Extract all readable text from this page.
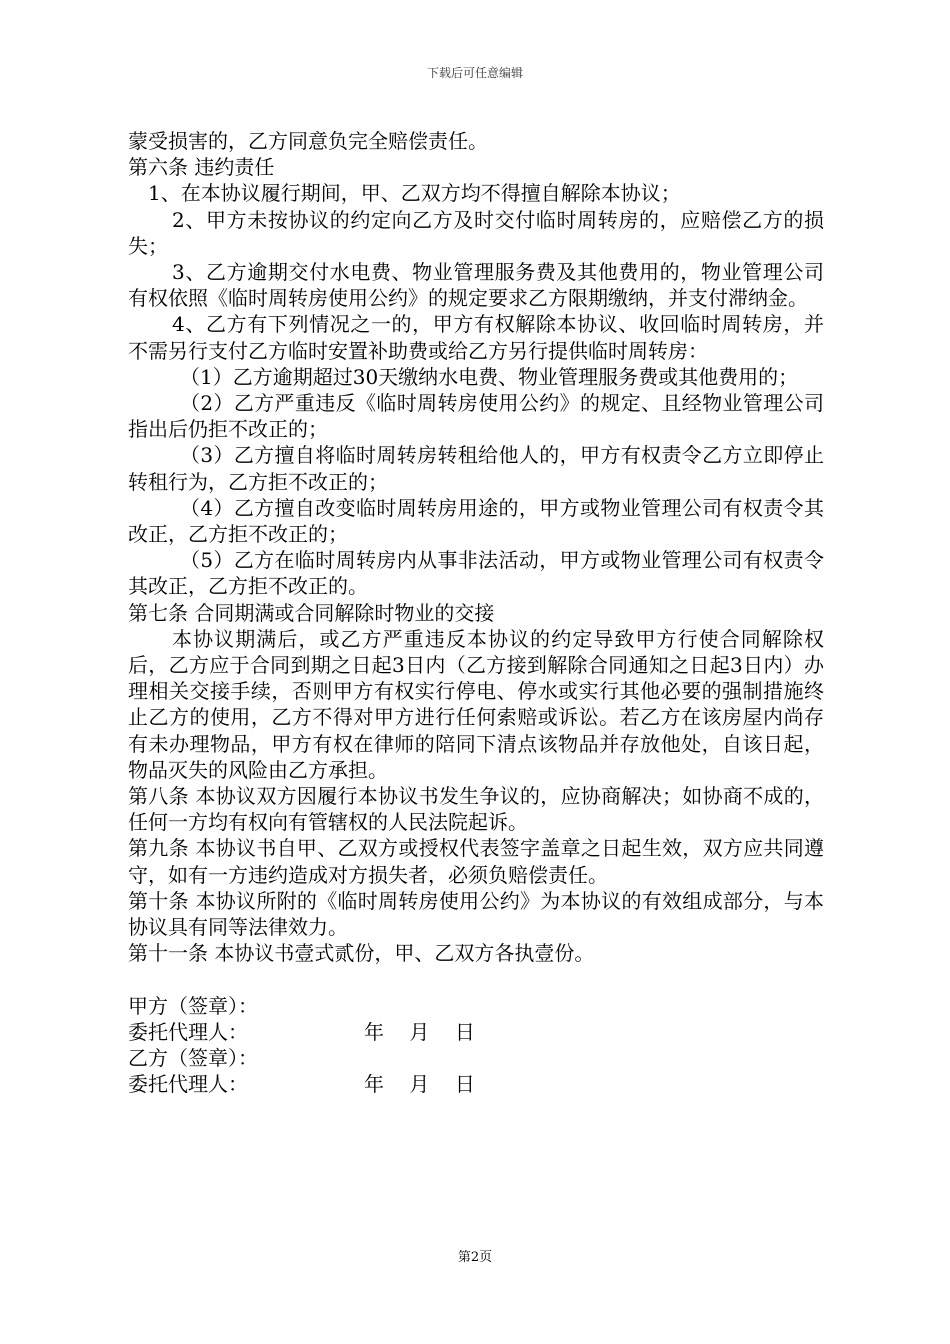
下载后可任意编辑

蒙受损害的，乙方同意负完全赔偿责任。

第六条 违约责任

1、在本协议履行期间，甲、乙双方均不得擅自解除本协议；

2、甲方未按协议的约定向乙方及时交付临时周转房的，应赔偿乙方的损失；

3、乙方逾期交付水电费、物业管理服务费及其他费用的，物业管理公司有权依照《临时周转房使用公约》的规定要求乙方限期缴纳，并支付滞纳金。

4、乙方有下列情况之一的，甲方有权解除本协议、收回临时周转房，并不需另行支付乙方临时安置补助费或给乙方另行提供临时周转房：

（1）乙方逾期超过30天缴纳水电费、物业管理服务费或其他费用的；

（2）乙方严重违反《临时周转房使用公约》的规定、且经物业管理公司指出后仍拒不改正的；

（3）乙方擅自将临时周转房转租给他人的，甲方有权责令乙方立即停止转租行为，乙方拒不改正的；

（4）乙方擅自改变临时周转房用途的，甲方或物业管理公司有权责令其改正，乙方拒不改正的；

（5）乙方在临时周转房内从事非法活动，甲方或物业管理公司有权责令其改正，乙方拒不改正的。

第七条 合同期满或合同解除时物业的交接

本协议期满后，或乙方严重违反本协议的约定导致甲方行使合同解除权后，乙方应于合同到期之日起3日内（乙方接到解除合同通知之日起3日内）办理相关交接手续，否则甲方有权实行停电、停水或实行其他必要的强制措施终止乙方的使用，乙方不得对甲方进行任何索赔或诉讼。若乙方在该房屋内尚存有未办理物品，甲方有权在律师的陪同下清点该物品并存放他处，自该日起，物品灭失的风险由乙方承担。

第八条 本协议双方因履行本协议书发生争议的，应协商解决；如协商不成的，任何一方均有权向有管辖权的人民法院起诉。

第九条 本协议书自甲、乙双方或授权代表签字盖章之日起生效，双方应共同遵守，如有一方违约造成对方损失者，必须负赔偿责任。

第十条 本协议所附的《临时周转房使用公约》为本协议的有效组成部分，与本协议具有同等法律效力。

第十一条 本协议书壹式贰份，甲、乙双方各执壹份。

甲方（签章）：
委托代理人：	年    月    日
乙方（签章）：
委托代理人：	年    月    日
第2页
